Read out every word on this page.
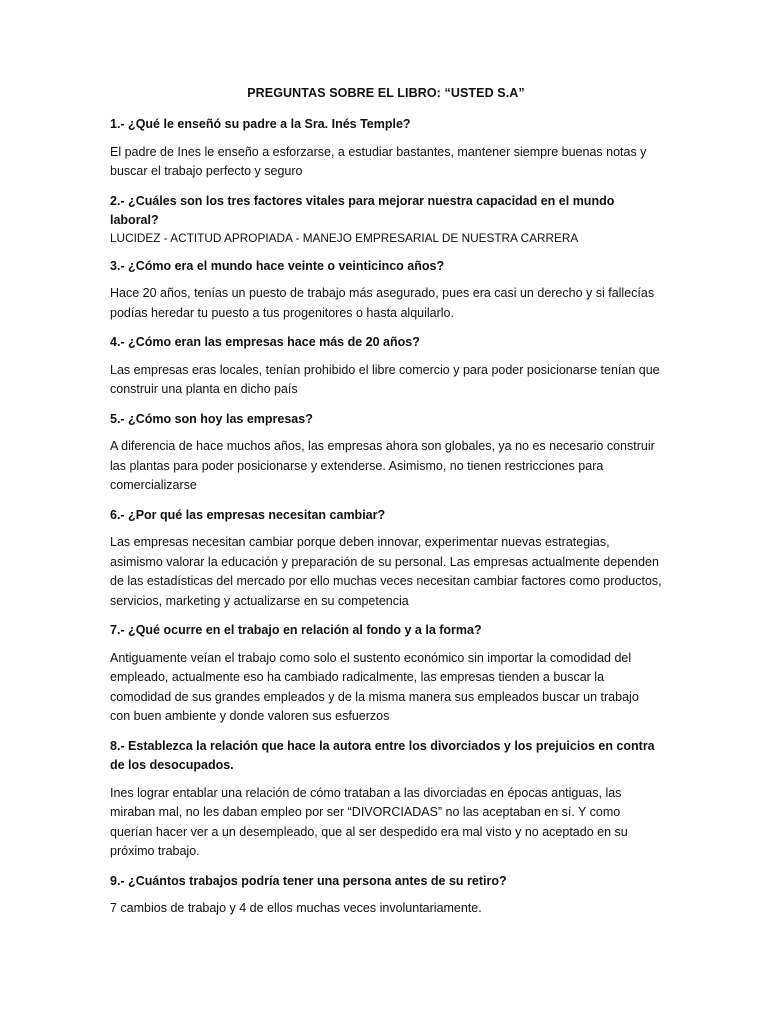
PREGUNTAS SOBRE EL LIBRO: “USTED S.A”
1.- ¿Qué le enseñó su padre a la Sra. Inés Temple?
El padre de Ines le enseño a esforzarse, a estudiar bastantes, mantener siempre buenas notas y buscar el trabajo perfecto y seguro
2.- ¿Cuáles son los tres factores vitales para mejorar nuestra capacidad en el mundo laboral?
LUCIDEZ - ACTITUD APROPIADA - MANEJO EMPRESARIAL DE NUESTRA CARRERA
3.- ¿Cómo era el mundo hace veinte o veinticinco años?
Hace 20 años, tenías un puesto de trabajo más asegurado, pues era casi un derecho y si fallecías podías heredar tu puesto a tus progenitores o hasta alquilarlo.
4.- ¿Cómo eran las empresas hace más de 20 años?
Las empresas eras locales, tenían prohibido el libre comercio y para poder posicionarse tenían que construir una planta en dicho país
5.- ¿Cómo son hoy las empresas?
A diferencia de hace muchos años, las empresas ahora son globales, ya no es necesario construir las plantas para poder posicionarse y extenderse. Asimismo, no tienen restricciones para comercializarse
6.- ¿Por qué las empresas necesitan cambiar?
Las empresas necesitan cambiar porque deben innovar, experimentar nuevas estrategias, asimismo valorar la educación y preparación de su personal. Las empresas actualmente dependen de las estadísticas del mercado por ello muchas veces necesitan cambiar factores como productos, servicios, marketing y actualizarse en su competencia
7.- ¿Qué ocurre en el trabajo en relación al fondo y a la forma?
Antiguamente veían el trabajo como solo el sustento económico sin importar la comodidad del empleado, actualmente eso ha cambiado radicalmente, las empresas tienden a buscar la comodidad de sus grandes empleados y de la misma manera sus empleados buscar un trabajo con buen ambiente y donde valoren sus esfuerzos
8.- Establezca la relación que hace la autora entre los divorciados y los prejuicios en contra de los desocupados.
Ines lograr entablar una relación de cómo trataban a las divorciadas en épocas antiguas, las miraban mal, no les daban empleo por ser “DIVORCIADAS” no las aceptaban en sí. Y como querían hacer ver a un desempleado, que al ser despedido era mal visto y no aceptado en su próximo trabajo.
9.- ¿Cuántos trabajos podría tener una persona antes de su retiro?
7 cambios de trabajo y 4 de ellos muchas veces involuntariamente.
